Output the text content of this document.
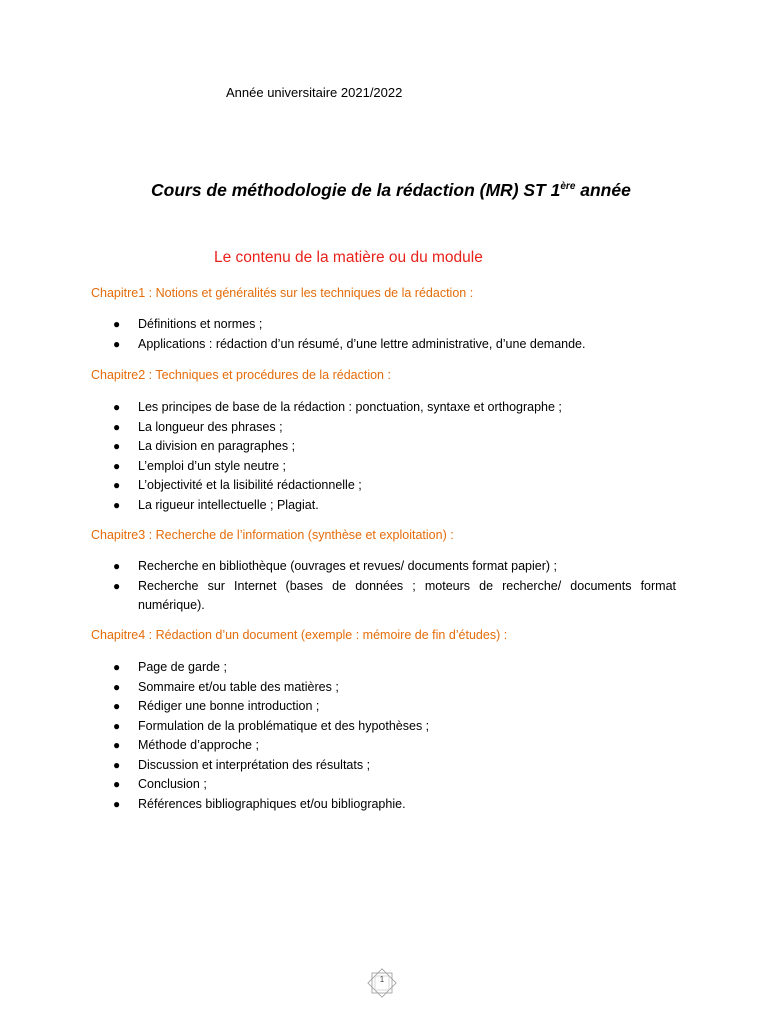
Année universitaire 2021/2022
Cours de méthodologie de la rédaction (MR) ST 1ère année
Le contenu de la matière ou du module
Chapitre1 : Notions et généralités sur les techniques de la rédaction :
● Définitions et normes ;
● Applications : rédaction d’un résumé, d’une lettre administrative, d’une demande.
Chapitre2 : Techniques et procédures de la rédaction :
● Les principes de base de la rédaction : ponctuation, syntaxe et orthographe ;
● La longueur des phrases ;
● La division en paragraphes ;
● L’emploi d’un style neutre ;
● L’objectivité et la lisibilité rédactionnelle ;
● La rigueur intellectuelle ; Plagiat.
Chapitre3 : Recherche de l’information (synthèse et exploitation) :
● Recherche en bibliothèque (ouvrages et revues/ documents format papier) ;
● Recherche sur Internet (bases de données ; moteurs de recherche/ documents format numérique).
Chapitre4 : Rédaction d’un document (exemple : mémoire de fin d’études) :
● Page de garde ;
● Sommaire et/ou table des matières ;
● Rédiger une bonne introduction ;
● Formulation de la problématique et des hypothèses ;
● Méthode d’approche ;
● Discussion et interprétation des résultats ;
● Conclusion ;
● Références bibliographiques et/ou bibliographie.
1
